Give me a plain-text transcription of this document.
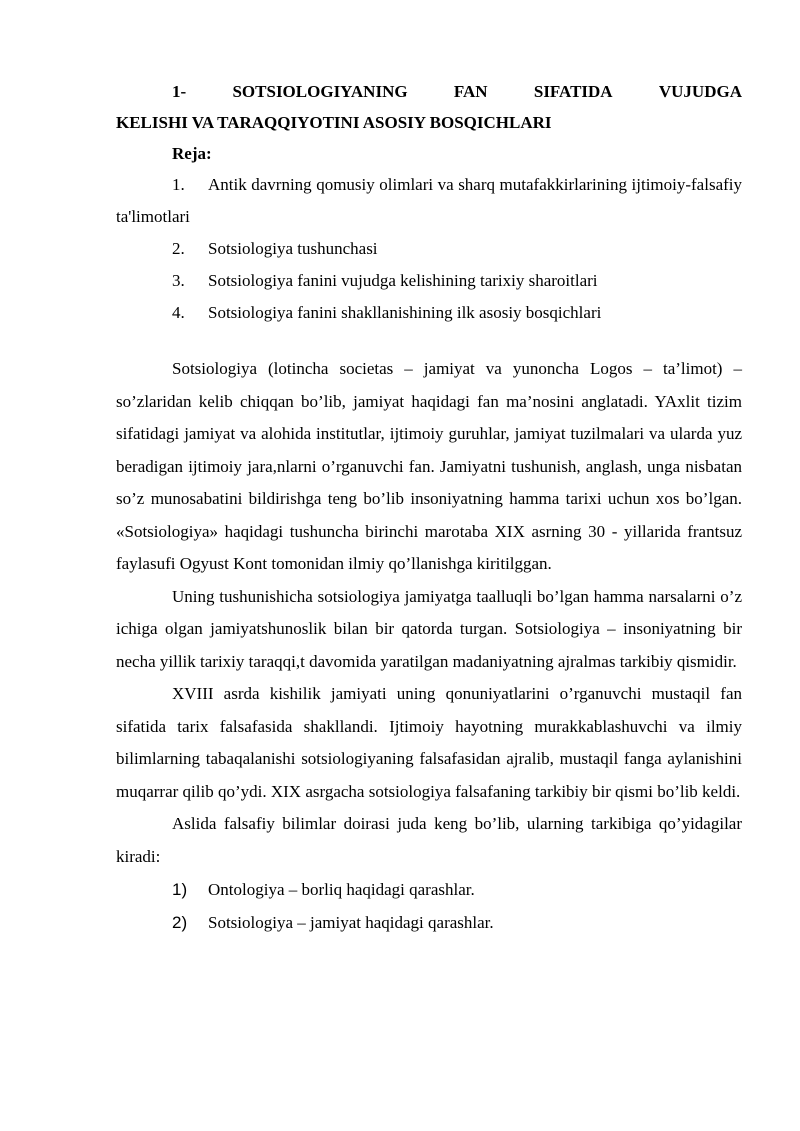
1-	SOTSIOLOGIYANING	FAN	SIFATIDA	VUJUDGA
KELISHI VA TARAQQIYOTINI ASOSIY BOSQICHLARI
Reja:
1. Antik davrning qomusiy olimlari va sharq mutafakkirlarining ijtimoiy-falsafiy ta'limotlari
2. Sotsiologiya tushunchasi
3. Sotsiologiya fanini vujudga kelishining tarixiy sharoitlari
4. Sotsiologiya fanini shakllanishining ilk asosiy bosqichlari

Sotsiologiya (lotincha societas – jamiyat va yunoncha Logos – ta’limot) – so’zlaridan kelib chiqqan bo’lib, jamiyat haqidagi fan ma’nosini anglatadi. YAxlit tizim sifatidagi jamiyat va alohida institutlar, ijtimoiy guruhlar, jamiyat tuzilmalari va ularda yuz beradigan ijtimoiy jara,nlarni o’rganuvchi fan. Jamiyatni tushunish, anglash, unga nisbatan so’z munosabatini bildirishga teng bo’lib insoniyatning hamma tarixi uchun xos bo’lgan. «Sotsiologiya» haqidagi tushuncha birinchi marotaba XIX asrning 30 - yillarida frantsuz faylasufi Ogyust Kont tomonidan ilmiy qo’llanishga kiritilggan.

Uning tushunishicha sotsiologiya jamiyatga taalluqli bo’lgan hamma narsalarni o’z ichiga olgan jamiyatshunoslik bilan bir qatorda turgan. Sotsiologiya – insoniyatning bir necha yillik tarixiy taraqqi,t davomida yaratilgan madaniyatning ajralmas tarkibiy qismidir.

XVIII asrda kishilik jamiyati uning qonuniyatlarini o’rganuvchi mustaqil fan sifatida tarix falsafasida shakllandi. Ijtimoiy hayotning murakkablashuvchi va ilmiy bilimlarning tabaqalanishi sotsiologiyaning falsafasidan ajralib, mustaqil fanga aylanishini muqarrar qilib qo’ydi. XIX asrgacha sotsiologiya falsafaning tarkibiy bir qismi bo’lib keldi.

Aslida falsafiy bilimlar doirasi juda keng bo’lib, ularning tarkibiga qo’yidagilar kiradi:

1) Ontologiya – borliq haqidagi qarashlar.
2) Sotsiologiya – jamiyat haqidagi qarashlar.
